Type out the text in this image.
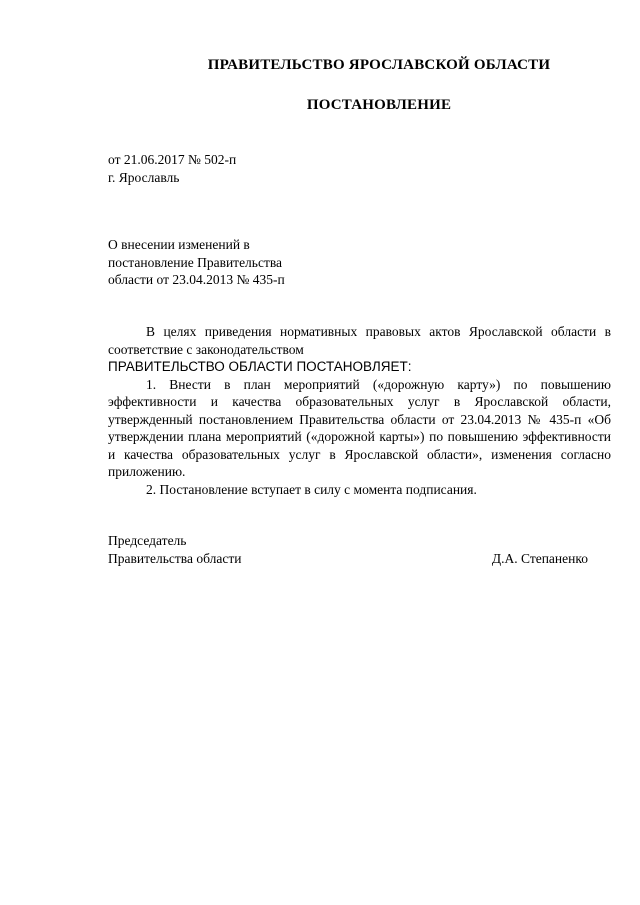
ПРАВИТЕЛЬСТВО ЯРОСЛАВСКОЙ ОБЛАСТИ
ПОСТАНОВЛЕНИЕ
от 21.06.2017 № 502-п
г. Ярославль
О внесении изменений в
постановление Правительства
области от 23.04.2013 № 435-п

В целях приведения нормативных правовых актов Ярославской области в соответствие с законодательством

ПРАВИТЕЛЬСТВО ОБЛАСТИ ПОСТАНОВЛЯЕТ:

1. Внести в план мероприятий («дорожную карту») по повышению эффективности и качества образовательных услуг в Ярославской области, утвержденный постановлением Правительства области от 23.04.2013 № 435-п «Об утверждении плана мероприятий («дорожной карты») по повышению эффективности и качества образовательных услуг в Ярославской области», изменения согласно приложению.

2. Постановление вступает в силу с момента подписания.

Председатель
Правительства области	Д.А. Степаненко
